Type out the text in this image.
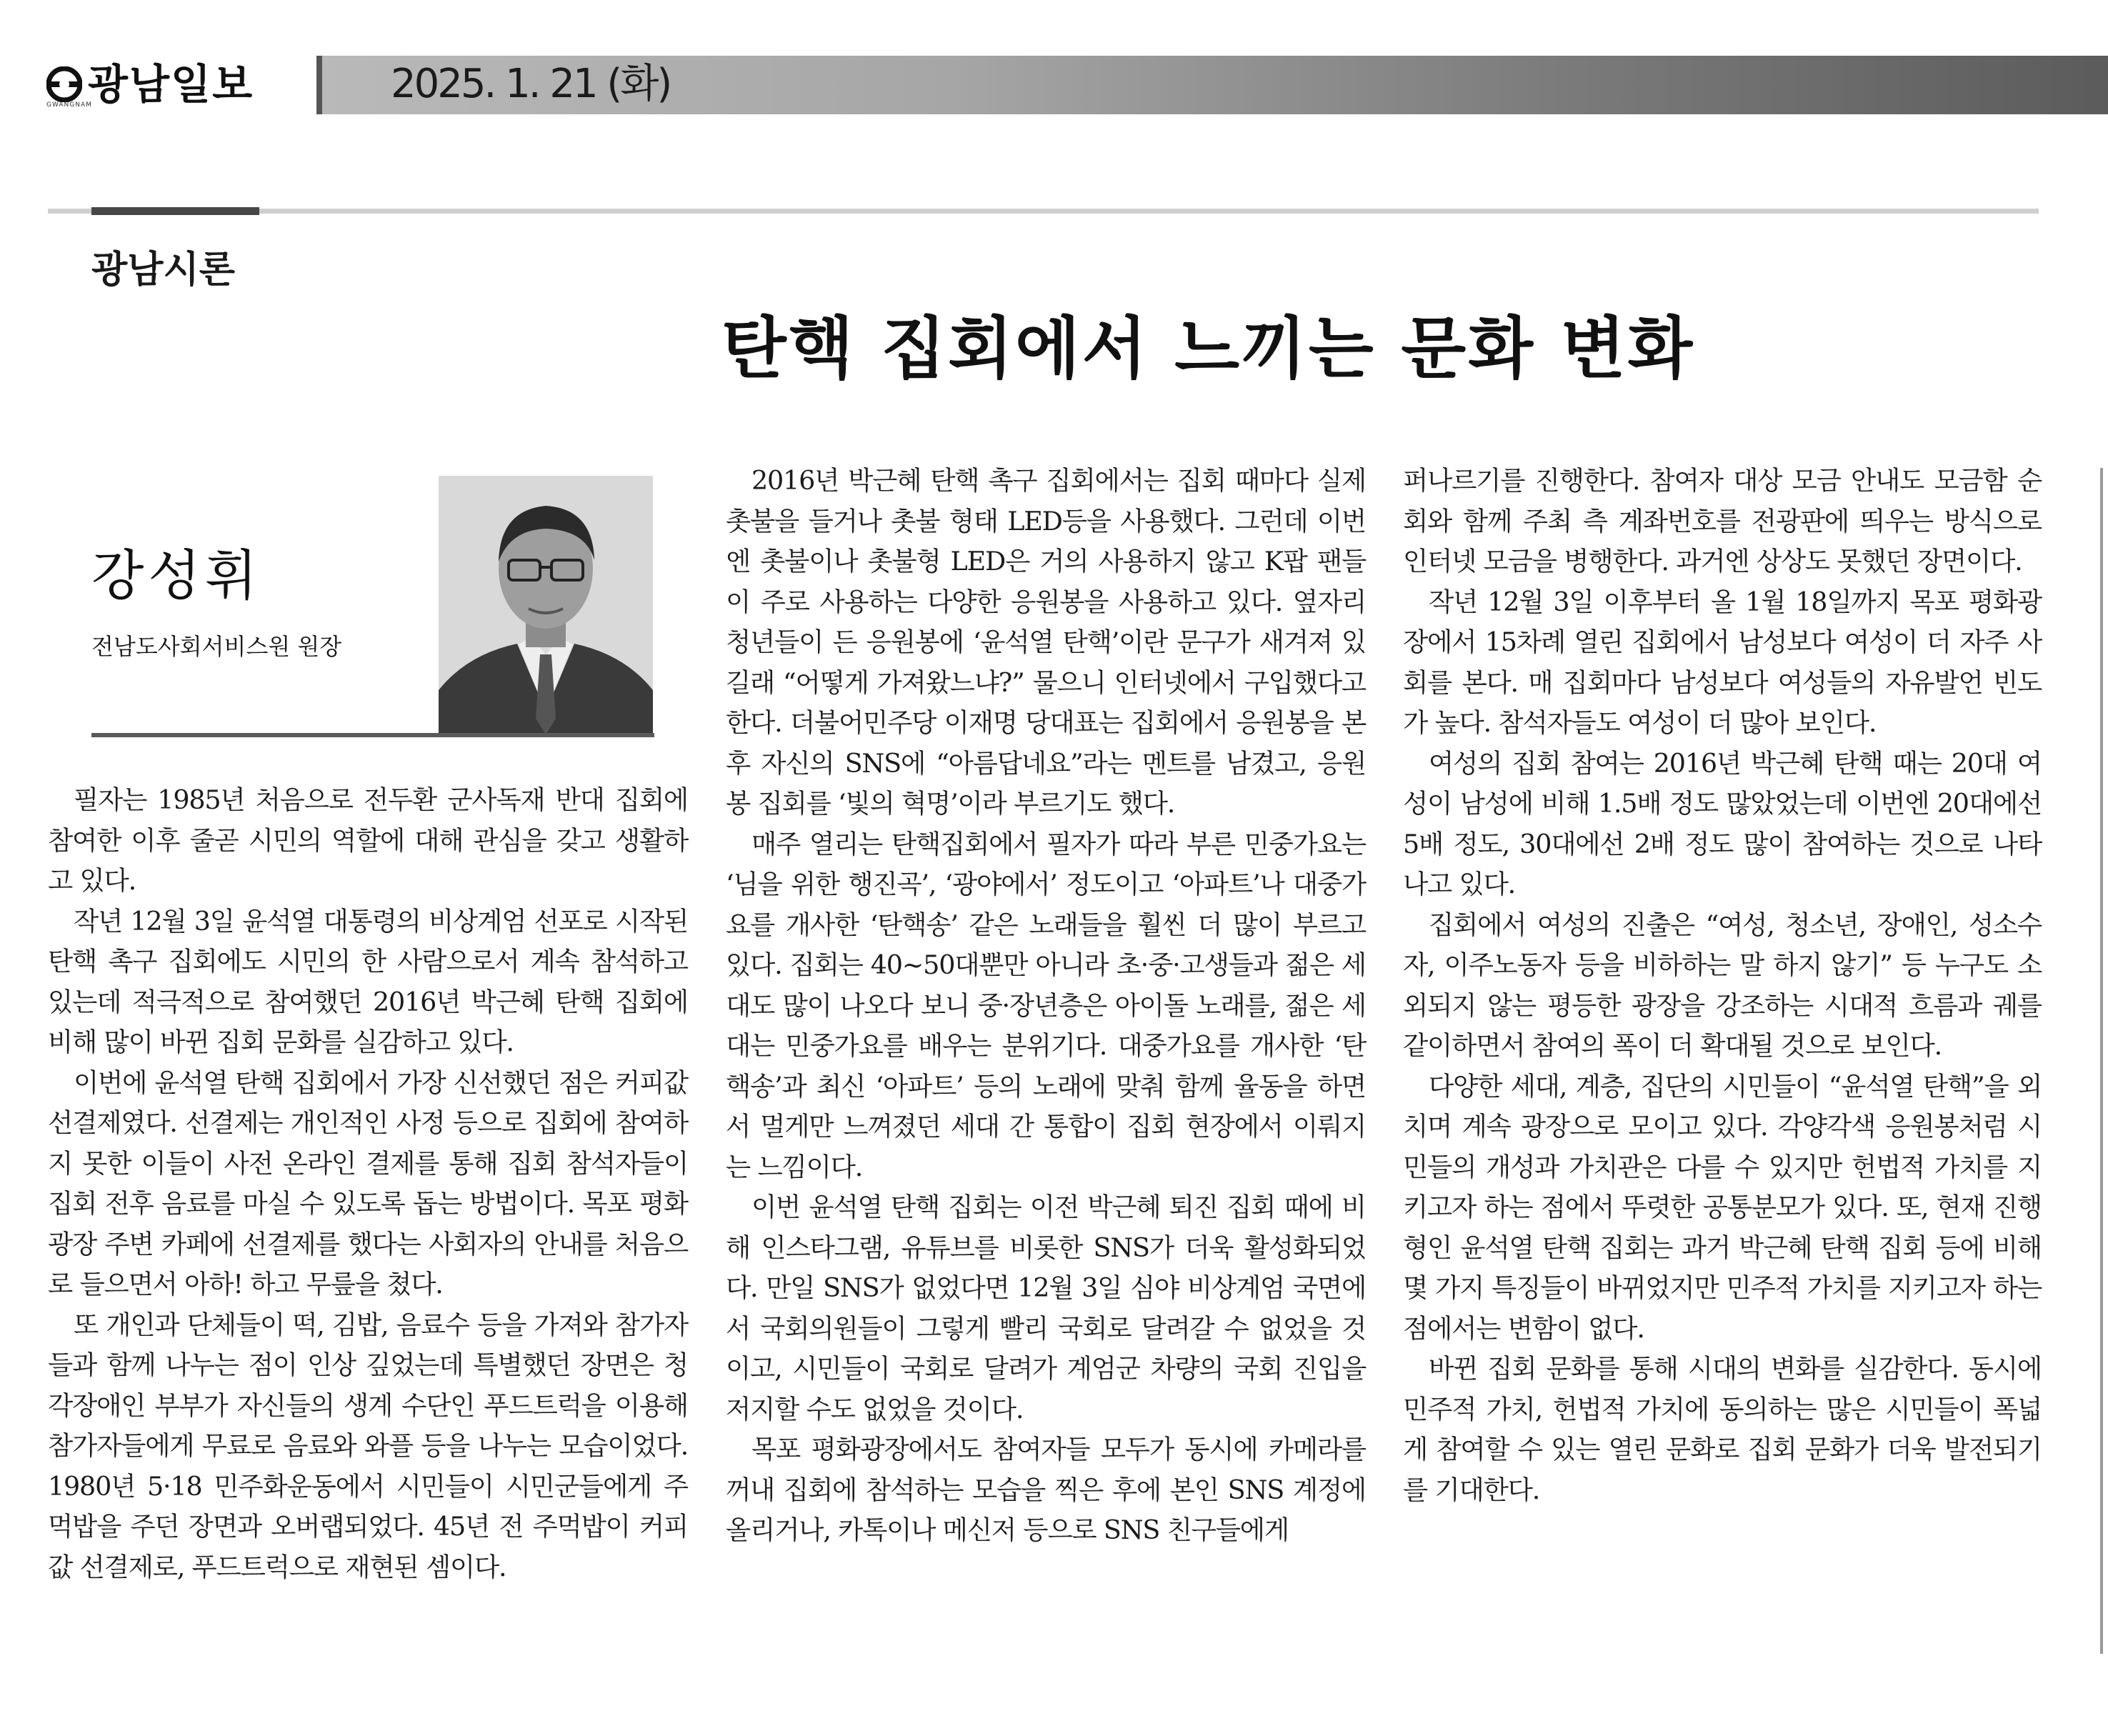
광남일보
GWANGNAM	2025. 1. 21 (화)
광남시론
탄핵 집회에서 느끼는 문화 변화
강성휘
전남도사회서비스원 원장

필자는 1985년 처음으로 전두환 군사독재 반대 집회에 참여한 이후 줄곧 시민의 역할에 대해 관심을 갖고 생활하고 있다.

작년 12월 3일 윤석열 대통령의 비상계엄 선포로 시작된 탄핵 촉구 집회에도 시민의 한 사람으로서 계속 참석하고 있는데 적극적으로 참여했던 2016년 박근혜 탄핵 집회에 비해 많이 바뀐 집회 문화를 실감하고 있다.

이번에 윤석열 탄핵 집회에서 가장 신선했던 점은 커피값 선결제였다. 선결제는 개인적인 사정 등으로 집회에 참여하지 못한 이들이 사전 온라인 결제를 통해 집회 참석자들이 집회 전후 음료를 마실 수 있도록 돕는 방법이다. 목포 평화광장 주변 카페에 선결제를 했다는 사회자의 안내를 처음으로 들으면서 아하! 하고 무릎을 쳤다.

또 개인과 단체들이 떡, 김밥, 음료수 등을 가져와 참가자들과 함께 나누는 점이 인상 깊었는데 특별했던 장면은 청각장애인 부부가 자신들의 생계 수단인 푸드트럭을 이용해 참가자들에게 무료로 음료와 와플 등을 나누는 모습이었다. 1980년 5·18 민주화운동에서 시민들이 시민군들에게 주먹밥을 주던 장면과 오버랩되었다. 45년 전 주먹밥이 커피값 선결제로, 푸드트럭으로 재현된 셈이다.

2016년 박근혜 탄핵 촉구 집회에서는 집회 때마다 실제 촛불을 들거나 촛불 형태 LED등을 사용했다. 그런데 이번엔 촛불이나 촛불형 LED은 거의 사용하지 않고 K팝 팬들이 주로 사용하는 다양한 응원봉을 사용하고 있다. 옆자리 청년들이 든 응원봉에 ‘윤석열 탄핵’이란 문구가 새겨져 있길래 “어떻게 가져왔느냐?” 물으니 인터넷에서 구입했다고 한다. 더불어민주당 이재명 당대표는 집회에서 응원봉을 본 후 자신의 SNS에 “아름답네요”라는 멘트를 남겼고, 응원봉 집회를 ‘빛의 혁명’이라 부르기도 했다.

매주 열리는 탄핵집회에서 필자가 따라 부른 민중가요는 ‘님을 위한 행진곡’, ‘광야에서’ 정도이고 ‘아파트’나 대중가요를 개사한 ‘탄핵송’ 같은 노래들을 훨씬 더 많이 부르고 있다. 집회는 40~50대뿐만 아니라 초·중·고생들과 젊은 세대도 많이 나오다 보니 중·장년층은 아이돌 노래를, 젊은 세대는 민중가요를 배우는 분위기다. 대중가요를 개사한 ‘탄핵송’과 최신 ‘아파트’ 등의 노래에 맞춰 함께 율동을 하면서 멀게만 느껴졌던 세대 간 통합이 집회 현장에서 이뤄지는 느낌이다.

이번 윤석열 탄핵 집회는 이전 박근혜 퇴진 집회 때에 비해 인스타그램, 유튜브를 비롯한 SNS가 더욱 활성화되었다. 만일 SNS가 없었다면 12월 3일 심야 비상계엄 국면에서 국회의원들이 그렇게 빨리 국회로 달려갈 수 없었을 것이고, 시민들이 국회로 달려가 계엄군 차량의 국회 진입을 저지할 수도 없었을 것이다.

목포 평화광장에서도 참여자들 모두가 동시에 카메라를 꺼내 집회에 참석하는 모습을 찍은 후에 본인 SNS 계정에 올리거나, 카톡이나 메신저 등으로 SNS 친구들에게

퍼나르기를 진행한다. 참여자 대상 모금 안내도 모금함 순회와 함께 주최 측 계좌번호를 전광판에 띄우는 방식으로 인터넷 모금을 병행한다. 과거엔 상상도 못했던 장면이다.

작년 12월 3일 이후부터 올 1월 18일까지 목포 평화광장에서 15차례 열린 집회에서 남성보다 여성이 더 자주 사회를 본다. 매 집회마다 남성보다 여성들의 자유발언 빈도가 높다. 참석자들도 여성이 더 많아 보인다.

여성의 집회 참여는 2016년 박근혜 탄핵 때는 20대 여성이 남성에 비해 1.5배 정도 많았었는데 이번엔 20대에선 5배 정도, 30대에선 2배 정도 많이 참여하는 것으로 나타나고 있다.

집회에서 여성의 진출은 “여성, 청소년, 장애인, 성소수자, 이주노동자 등을 비하하는 말 하지 않기” 등 누구도 소외되지 않는 평등한 광장을 강조하는 시대적 흐름과 궤를 같이하면서 참여의 폭이 더 확대될 것으로 보인다.

다양한 세대, 계층, 집단의 시민들이 “윤석열 탄핵”을 외치며 계속 광장으로 모이고 있다. 각양각색 응원봉처럼 시민들의 개성과 가치관은 다를 수 있지만 헌법적 가치를 지키고자 하는 점에서 뚜렷한 공통분모가 있다. 또, 현재 진행형인 윤석열 탄핵 집회는 과거 박근혜 탄핵 집회 등에 비해 몇 가지 특징들이 바뀌었지만 민주적 가치를 지키고자 하는 점에서는 변함이 없다.

바뀐 집회 문화를 통해 시대의 변화를 실감한다. 동시에 민주적 가치, 헌법적 가치에 동의하는 많은 시민들이 폭넓게 참여할 수 있는 열린 문화로 집회 문화가 더욱 발전되기를 기대한다.
